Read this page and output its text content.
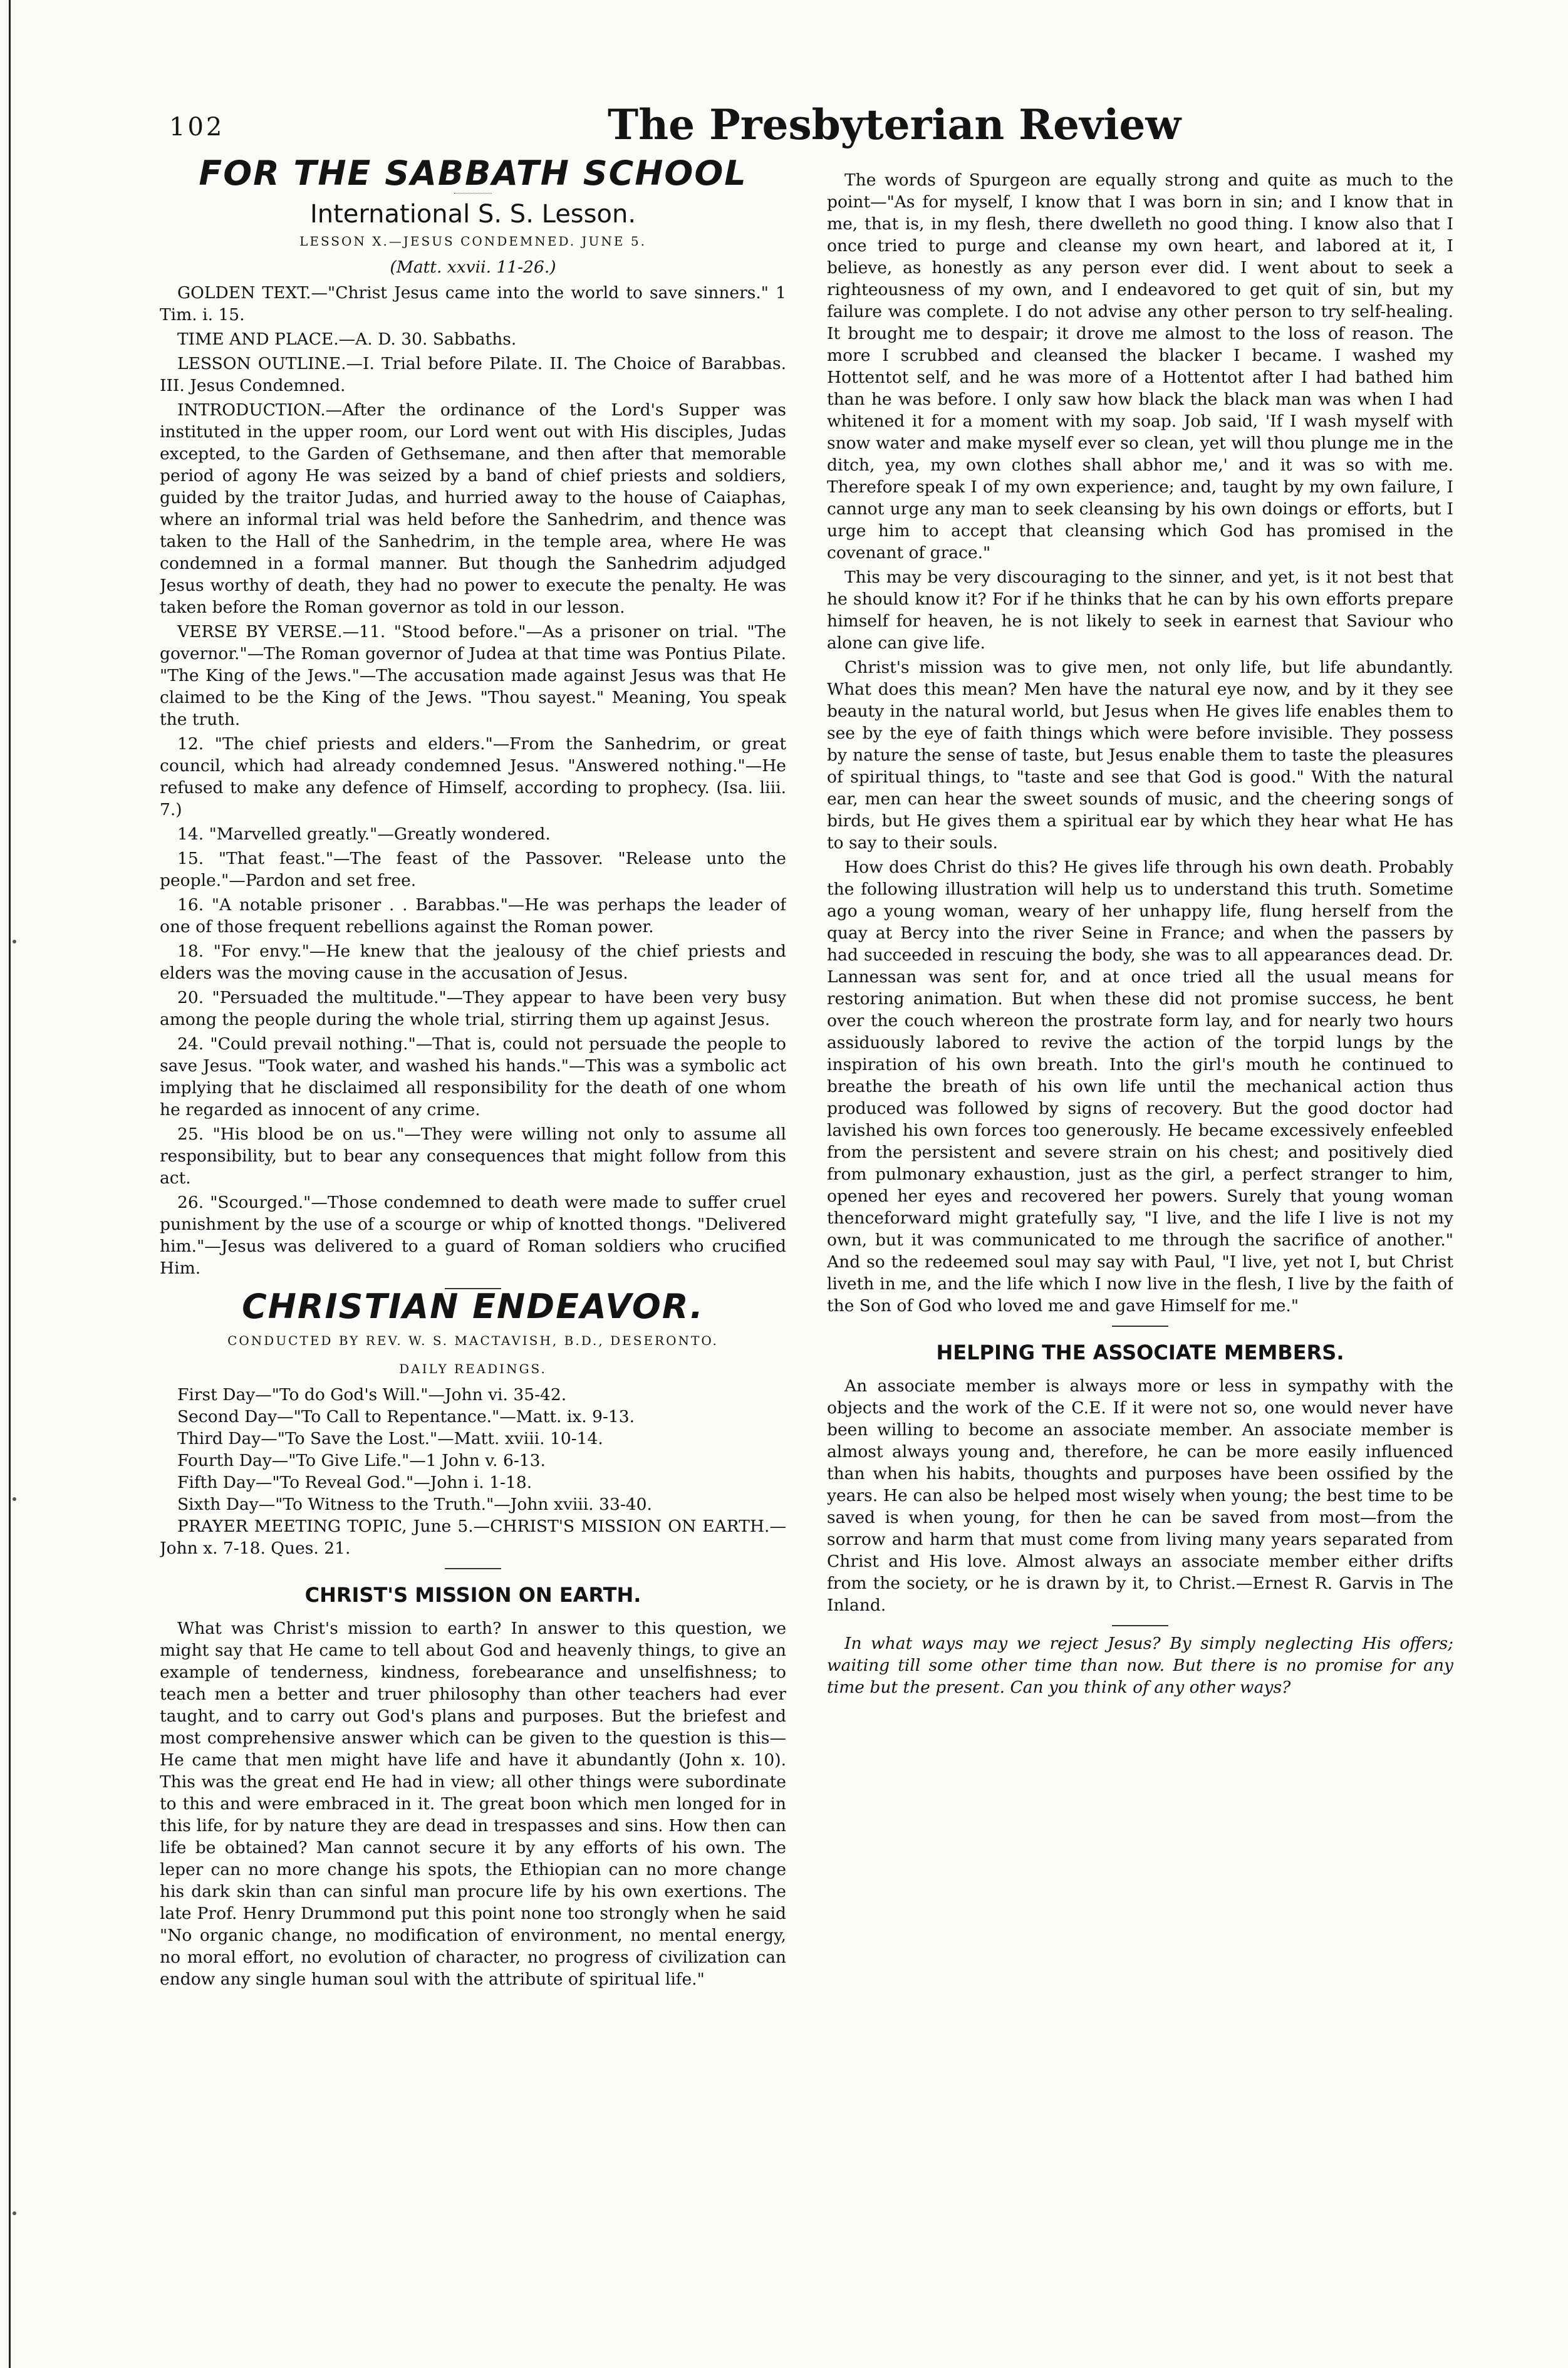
102	The Presbyterian Review
FOR THE SABBATH SCHOOL
International S. S. Lesson.
LESSON X.—JESUS CONDEMNED. JUNE 5.
(Matt. xxvii. 11-26.)

GOLDEN TEXT.—"Christ Jesus came into the world to save sinners." 1 Tim. i. 15.

TIME AND PLACE.—A. D. 30. Sabbaths.

LESSON OUTLINE.—I. Trial before Pilate. II. The Choice of Barabbas. III. Jesus Condemned.

INTRODUCTION.—After the ordinance of the Lord's Supper was instituted in the upper room, our Lord went out with His disciples, Judas excepted, to the Garden of Gethsemane, and then after that memorable period of agony He was seized by a band of chief priests and soldiers, guided by the traitor Judas, and hurried away to the house of Caiaphas, where an informal trial was held before the Sanhedrim, and thence was taken to the Hall of the Sanhedrim, in the temple area, where He was condemned in a formal manner. But though the Sanhedrim adjudged Jesus worthy of death, they had no power to execute the penalty. He was taken before the Roman governor as told in our lesson.

VERSE BY VERSE.—11. "Stood before."—As a prisoner on trial. "The governor."—The Roman governor of Judea at that time was Pontius Pilate. "The King of the Jews."—The accusation made against Jesus was that He claimed to be the King of the Jews. "Thou sayest." Meaning, You speak the truth.

12. "The chief priests and elders."—From the Sanhedrim, or great council, which had already condemned Jesus. "Answered nothing."—He refused to make any defence of Himself, according to prophecy. (Isa. liii. 7.)

14. "Marvelled greatly."—Greatly wondered.

15. "That feast."—The feast of the Passover. "Release unto the people."—Pardon and set free.

16. "A notable prisoner . . Barabbas."—He was perhaps the leader of one of those frequent rebellions against the Roman power.

18. "For envy."—He knew that the jealousy of the chief priests and elders was the moving cause in the accusation of Jesus.

20. "Persuaded the multitude."—They appear to have been very busy among the people during the whole trial, stirring them up against Jesus.

24. "Could prevail nothing."—That is, could not persuade the people to save Jesus. "Took water, and washed his hands."—This was a symbolic act implying that he disclaimed all responsibility for the death of one whom he regarded as innocent of any crime.

25. "His blood be on us."—They were willing not only to assume all responsibility, but to bear any consequences that might follow from this act.

26. "Scourged."—Those condemned to death were made to suffer cruel punishment by the use of a scourge or whip of knotted thongs. "Delivered him."—Jesus was delivered to a guard of Roman soldiers who crucified Him.

CHRISTIAN ENDEAVOR.
CONDUCTED BY REV. W. S. MACTAVISH, B.D., DESERONTO.
DAILY READINGS.
First Day—"To do God's Will."—John vi. 35-42.
Second Day—"To Call to Repentance."—Matt. ix. 9-13.
Third Day—"To Save the Lost."—Matt. xviii. 10-14.
Fourth Day—"To Give Life."—1 John v. 6-13.
Fifth Day—"To Reveal God."—John i. 1-18.
Sixth Day—"To Witness to the Truth."—John xviii. 33-40.

PRAYER MEETING TOPIC, June 5.—CHRIST'S MISSION ON EARTH.—John x. 7-18. Ques. 21.

CHRIST'S MISSION ON EARTH.

What was Christ's mission to earth? In answer to this question, we might say that He came to tell about God and heavenly things, to give an example of tenderness, kindness, forebearance and unselfishness; to teach men a better and truer philosophy than other teachers had ever taught, and to carry out God's plans and purposes. But the briefest and most comprehensive answer which can be given to the question is this—He came that men might have life and have it abundantly (John x. 10). This was the great end He had in view; all other things were subordinate to this and were embraced in it. The great boon which men longed for in this life, for by nature they are dead in trespasses and sins. How then can life be obtained? Man cannot secure it by any efforts of his own. The leper can no more change his spots, the Ethiopian can no more change his dark skin than can sinful man procure life by his own exertions. The late Prof. Henry Drummond put this point none too strongly when he said "No organic change, no modification of environment, no mental energy, no moral effort, no evolution of character, no progress of civilization can endow any single human soul with the attribute of spiritual life."

The words of Spurgeon are equally strong and quite as much to the point—"As for myself, I know that I was born in sin; and I know that in me, that is, in my flesh, there dwelleth no good thing. I know also that I once tried to purge and cleanse my own heart, and labored at it, I believe, as honestly as any person ever did. I went about to seek a righteousness of my own, and I endeavored to get quit of sin, but my failure was complete. I do not advise any other person to try self-healing. It brought me to despair; it drove me almost to the loss of reason. The more I scrubbed and cleansed the blacker I became. I washed my Hottentot self, and he was more of a Hottentot after I had bathed him than he was before. I only saw how black the black man was when I had whitened it for a moment with my soap. Job said, 'If I wash myself with snow water and make myself ever so clean, yet will thou plunge me in the ditch, yea, my own clothes shall abhor me,' and it was so with me. Therefore speak I of my own experience; and, taught by my own failure, I cannot urge any man to seek cleansing by his own doings or efforts, but I urge him to accept that cleansing which God has promised in the covenant of grace."

This may be very discouraging to the sinner, and yet, is it not best that he should know it? For if he thinks that he can by his own efforts prepare himself for heaven, he is not likely to seek in earnest that Saviour who alone can give life.

Christ's mission was to give men, not only life, but life abundantly. What does this mean? Men have the natural eye now, and by it they see beauty in the natural world, but Jesus when He gives life enables them to see by the eye of faith things which were before invisible. They possess by nature the sense of taste, but Jesus enable them to taste the pleasures of spiritual things, to "taste and see that God is good." With the natural ear, men can hear the sweet sounds of music, and the cheering songs of birds, but He gives them a spiritual ear by which they hear what He has to say to their souls.

How does Christ do this? He gives life through his own death. Probably the following illustration will help us to understand this truth. Sometime ago a young woman, weary of her unhappy life, flung herself from the quay at Bercy into the river Seine in France; and when the passers by had succeeded in rescuing the body, she was to all appearances dead. Dr. Lannessan was sent for, and at once tried all the usual means for restoring animation. But when these did not promise success, he bent over the couch whereon the prostrate form lay, and for nearly two hours assiduously labored to revive the action of the torpid lungs by the inspiration of his own breath. Into the girl's mouth he continued to breathe the breath of his own life until the mechanical action thus produced was followed by signs of recovery. But the good doctor had lavished his own forces too generously. He became excessively enfeebled from the persistent and severe strain on his chest; and positively died from pulmonary exhaustion, just as the girl, a perfect stranger to him, opened her eyes and recovered her powers. Surely that young woman thenceforward might gratefully say, "I live, and the life I live is not my own, but it was communicated to me through the sacrifice of another." And so the redeemed soul may say with Paul, "I live, yet not I, but Christ liveth in me, and the life which I now live in the flesh, I live by the faith of the Son of God who loved me and gave Himself for me."

HELPING THE ASSOCIATE MEMBERS.

An associate member is always more or less in sympathy with the objects and the work of the C.E. If it were not so, one would never have been willing to become an associate member. An associate member is almost always young and, therefore, he can be more easily influenced than when his habits, thoughts and purposes have been ossified by the years. He can also be helped most wisely when young; the best time to be saved is when young, for then he can be saved from most—from the sorrow and harm that must come from living many years separated from Christ and His love. Almost always an associate member either drifts from the society, or he is drawn by it, to Christ.—Ernest R. Garvis in The Inland.

In what ways may we reject Jesus? By simply neglecting His offers; waiting till some other time than now. But there is no promise for any time but the present. Can you think of any other ways?
